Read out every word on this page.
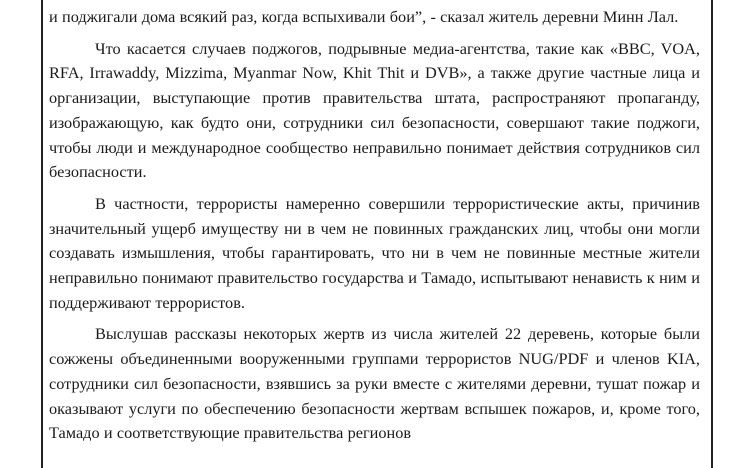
и поджигали дома всякий раз, когда вспыхивали бои”, - сказал житель деревни Минн Лал.

Что касается случаев поджогов, подрывные медиа-агентства, такие как «BBC, VOA, RFA, Irrawaddy, Mizzima, Myanmar Now, Khit Thit и DVB», а также другие частные лица и организации, выступающие против правительства штата, распространяют пропаганду, изображающую, как будто они, сотрудники сил безопасности, совершают такие поджоги, чтобы люди и международное сообщество неправильно понимает действия сотрудников сил безопасности.

В частности, террористы намеренно совершили террористические акты, причинив значительный ущерб имуществу ни в чем не повинных гражданских лиц, чтобы они могли создавать измышления, чтобы гарантировать, что ни в чем не повинные местные жители неправильно понимают правительство государства и Тамадо, испытывают ненависть к ним и поддерживают террористов.

Выслушав рассказы некоторых жертв из числа жителей 22 деревень, которые были сожжены объединенными вооруженными группами террористов NUG/PDF и членов KIA, сотрудники сил безопасности, взявшись за руки вместе с жителями деревни, тушат пожар и оказывают услуги по обеспечению безопасности жертвам вспышек пожаров, и, кроме того, Тамадо и соответствующие правительства регионов
